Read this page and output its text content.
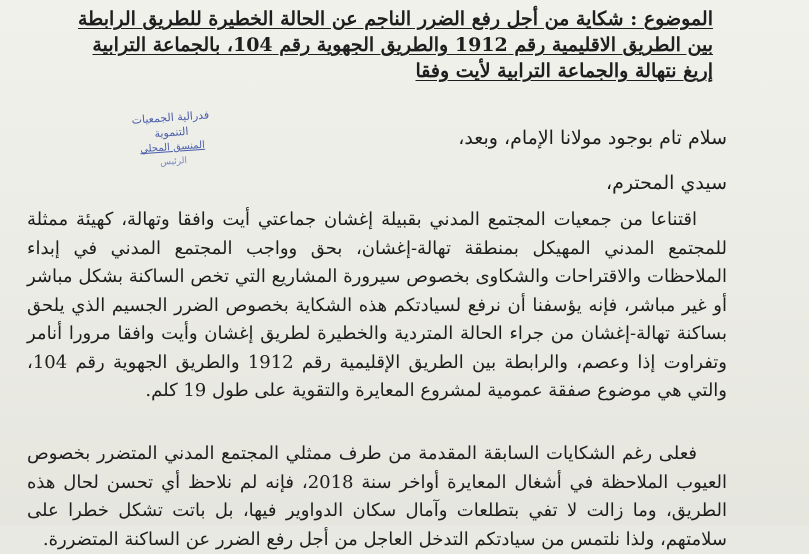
الموضوع : شكاية من أجل رفع الضرر الناجم عن الحالة الخطيرة للطريق الرابطة بين الطريق الاقليمية رقم 1912 والطريق الجهوية رقم 104، بالجماعة الترابية إريغ نتهالة والجماعة الترابية لأيت وفقا
فدرالية الجمعيات التنموية
المنسق المحلي
الرئيس
سلام تام بوجود مولانا الإمام، وبعد،
سيدي المحترم،
اقتناعا من جمعيات المجتمع المدني بقبيلة إغشان جماعتي أيت وافقا وتهالة، كهيئة ممثلة للمجتمع المدني المهيكل بمنطقة تهالة-إغشان، بحق وواجب المجتمع المدني في إبداء الملاحظات والاقتراحات والشكاوى بخصوص سيرورة المشاريع التي تخص الساكنة بشكل مباشر أو غير مباشر، فإنه يؤسفنا أن نرفع لسيادتكم هذه الشكاية بخصوص الضرر الجسيم الذي يلحق بساكنة تهالة-إغشان من جراء الحالة المتردية والخطيرة لطريق إغشان وأيت وافقا مرورا أنامر وتفراوت إذا وعصم، والرابطة بين الطريق الإقليمية رقم 1912 والطريق الجهوية رقم 104، والتي هي موضوع صفقة عمومية لمشروع المعايرة والتقوية على طول 19 كلم.
فعلى رغم الشكايات السابقة المقدمة من طرف ممثلي المجتمع المدني المتضرر بخصوص العيوب الملاحظة في أشغال المعايرة أواخر سنة 2018، فإنه لم نلاحظ أي تحسن لحال هذه الطريق، وما زالت لا تفي بتطلعات وآمال سكان الدواوير فيها، بل باتت تشكل خطرا على سلامتهم، ولذا نلتمس من سيادتكم التدخل العاجل من أجل رفع الضرر عن الساكنة المتضررة.
